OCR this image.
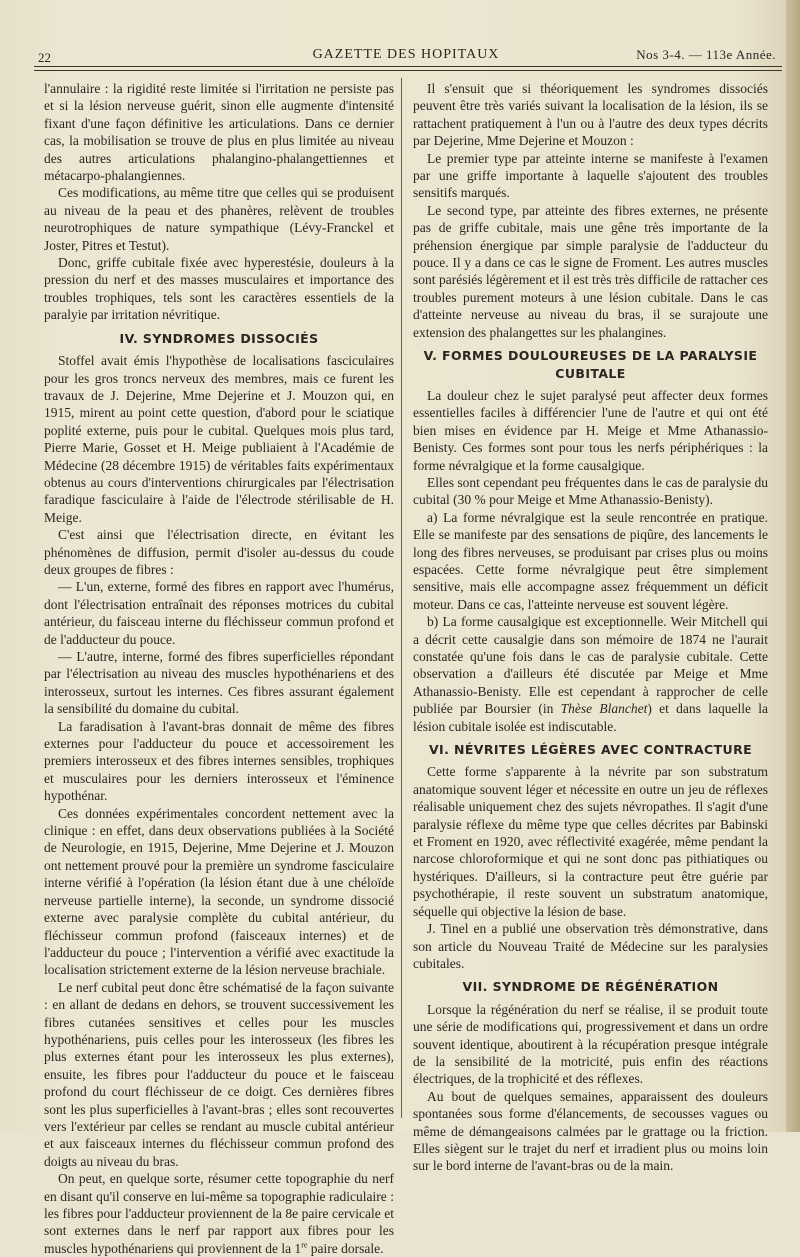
22	GAZETTE DES HOPITAUX	Nos 3-4. — 113e Année.

l'annulaire : la rigidité reste limitée si l'irritation ne persiste pas et si la lésion nerveuse guérit, sinon elle augmente d'intensité fixant d'une façon définitive les articulations. Dans ce dernier cas, la mobilisation se trouve de plus en plus limitée au niveau des autres articulations phalangino-phalangettiennes et métacarpo-phalangiennes.

Ces modifications, au même titre que celles qui se produisent au niveau de la peau et des phanères, relèvent de troubles neurotrophiques de nature sympathique (Lévy-Franckel et Joster, Pitres et Testut).

Donc, griffe cubitale fixée avec hyperestésie, douleurs à la pression du nerf et des masses musculaires et importance des troubles trophiques, tels sont les caractères essentiels de la paralyie par irritation névritique.

IV. SYNDROMES DISSOCIÉS

Stoffel avait émis l'hypothèse de localisations fasciculaires pour les gros troncs nerveux des membres, mais ce furent les travaux de J. Dejerine, Mme Dejerine et J. Mouzon qui, en 1915, mirent au point cette question, d'abord pour le sciatique poplité externe, puis pour le cubital. Quelques mois plus tard, Pierre Marie, Gosset et H. Meige publiaient à l'Académie de Médecine (28 décembre 1915) de véritables faits expérimentaux obtenus au cours d'interventions chirurgicales par l'électrisation faradique fasciculaire à l'aide de l'électrode stérilisable de H. Meige.

C'est ainsi que l'électrisation directe, en évitant les phénomènes de diffusion, permit d'isoler au-dessus du coude deux groupes de fibres :

— L'un, externe, formé des fibres en rapport avec l'humérus, dont l'électrisation entraînait des réponses motrices du cubital antérieur, du faisceau interne du fléchisseur commun profond et de l'adducteur du pouce.

— L'autre, interne, formé des fibres superficielles répondant par l'électrisation au niveau des muscles hypothénariens et des interosseux, surtout les internes. Ces fibres assurant également la sensibilité du domaine du cubital.

La faradisation à l'avant-bras donnait de même des fibres externes pour l'adducteur du pouce et accessoirement les premiers interosseux et des fibres internes sensibles, trophiques et musculaires pour les derniers interosseux et l'éminence hypothénar.

Ces données expérimentales concordent nettement avec la clinique : en effet, dans deux observations publiées à la Société de Neurologie, en 1915, Dejerine, Mme Dejerine et J. Mouzon ont nettement prouvé pour la première un syndrome fasciculaire interne vérifié à l'opération (la lésion étant due à une chéloïde nerveuse partielle interne), la seconde, un syndrome dissocié externe avec paralysie complète du cubital antérieur, du fléchisseur commun profond (faisceaux internes) et de l'adducteur du pouce ; l'intervention a vérifié avec exactitude la localisation strictement externe de la lésion nerveuse brachiale.

Le nerf cubital peut donc être schématisé de la façon suivante : en allant de dedans en dehors, se trouvent successivement les fibres cutanées sensitives et celles pour les muscles hypothénariens, puis celles pour les interosseux (les fibres les plus externes étant pour les interosseux les plus externes), ensuite, les fibres pour l'adducteur du pouce et le faisceau profond du court fléchisseur de ce doigt. Ces dernières fibres sont les plus superficielles à l'avant-bras ; elles sont recouvertes vers l'extérieur par celles se rendant au muscle cubital antérieur et aux faisceaux internes du fléchisseur commun profond des doigts au niveau du bras.

On peut, en quelque sorte, résumer cette topographie du nerf en disant qu'il conserve en lui-même sa topographie radiculaire : les fibres pour l'adducteur proviennent de la 8e paire cervicale et sont externes dans le nerf par rapport aux fibres pour les muscles hypothénariens qui proviennent de la 1re paire dorsale.

Il s'ensuit que si théoriquement les syndromes dissociés peuvent être très variés suivant la localisation de la lésion, ils se rattachent pratiquement à l'un ou à l'autre des deux types décrits par Dejerine, Mme Dejerine et Mouzon :

Le premier type par atteinte interne se manifeste à l'examen par une griffe importante à laquelle s'ajoutent des troubles sensitifs marqués.

Le second type, par atteinte des fibres externes, ne présente pas de griffe cubitale, mais une gêne très importante de la préhension énergique par simple paralysie de l'adducteur du pouce. Il y a dans ce cas le signe de Froment. Les autres muscles sont parésiés légèrement et il est très très difficile de rattacher ces troubles purement moteurs à une lésion cubitale. Dans le cas d'atteinte nerveuse au niveau du bras, il se surajoute une extension des phalangettes sur les phalangines.

V. FORMES DOULOUREUSES DE LA PARALYSIE CUBITALE

La douleur chez le sujet paralysé peut affecter deux formes essentielles faciles à différencier l'une de l'autre et qui ont été bien mises en évidence par H. Meige et Mme Athanassio-Benisty. Ces formes sont pour tous les nerfs périphériques : la forme névralgique et la forme causalgique.

Elles sont cependant peu fréquentes dans le cas de paralysie du cubital (30 % pour Meige et Mme Athanassio-Benisty).

a) La forme névralgique est la seule rencontrée en pratique. Elle se manifeste par des sensations de piqûre, des lancements le long des fibres nerveuses, se produisant par crises plus ou moins espacées. Cette forme névralgique peut être simplement sensitive, mais elle accompagne assez fréquemment un déficit moteur. Dans ce cas, l'atteinte nerveuse est souvent légère.

b) La forme causalgique est exceptionnelle. Weir Mitchell qui a décrit cette causalgie dans son mémoire de 1874 ne l'aurait constatée qu'une fois dans le cas de paralysie cubitale. Cette observation a d'ailleurs été discutée par Meige et Mme Athanassio-Benisty. Elle est cependant à rapprocher de celle publiée par Boursier (in Thèse Blanchet) et dans laquelle la lésion cubitale isolée est indiscutable.

VI. NÉVRITES LÉGÈRES AVEC CONTRACTURE

Cette forme s'apparente à la névrite par son substratum anatomique souvent léger et nécessite en outre un jeu de réflexes réalisable uniquement chez des sujets névropathes. Il s'agit d'une paralysie réflexe du même type que celles décrites par Babinski et Froment en 1920, avec réflectivité exagérée, même pendant la narcose chloroformique et qui ne sont donc pas pithiatiques ou hystériques. D'ailleurs, si la contracture peut être guérie par psychothérapie, il reste souvent un substratum anatomique, séquelle qui objective la lésion de base.

J. Tinel en a publié une observation très démonstrative, dans son article du Nouveau Traité de Médecine sur les paralysies cubitales.

VII. SYNDROME DE RÉGÉNÉRATION

Lorsque la régénération du nerf se réalise, il se produit toute une série de modifications qui, progressivement et dans un ordre souvent identique, aboutirent à la récupération presque intégrale de la sensibilité de la motricité, puis enfin des réactions électriques, de la trophicité et des réflexes.

Au bout de quelques semaines, apparaissent des douleurs spontanées sous forme d'élancements, de secousses vagues ou même de démangeaisons calmées par le grattage ou la friction. Elles siègent sur le trajet du nerf et irradient plus ou moins loin sur le bord interne de l'avant-bras ou de la main.
